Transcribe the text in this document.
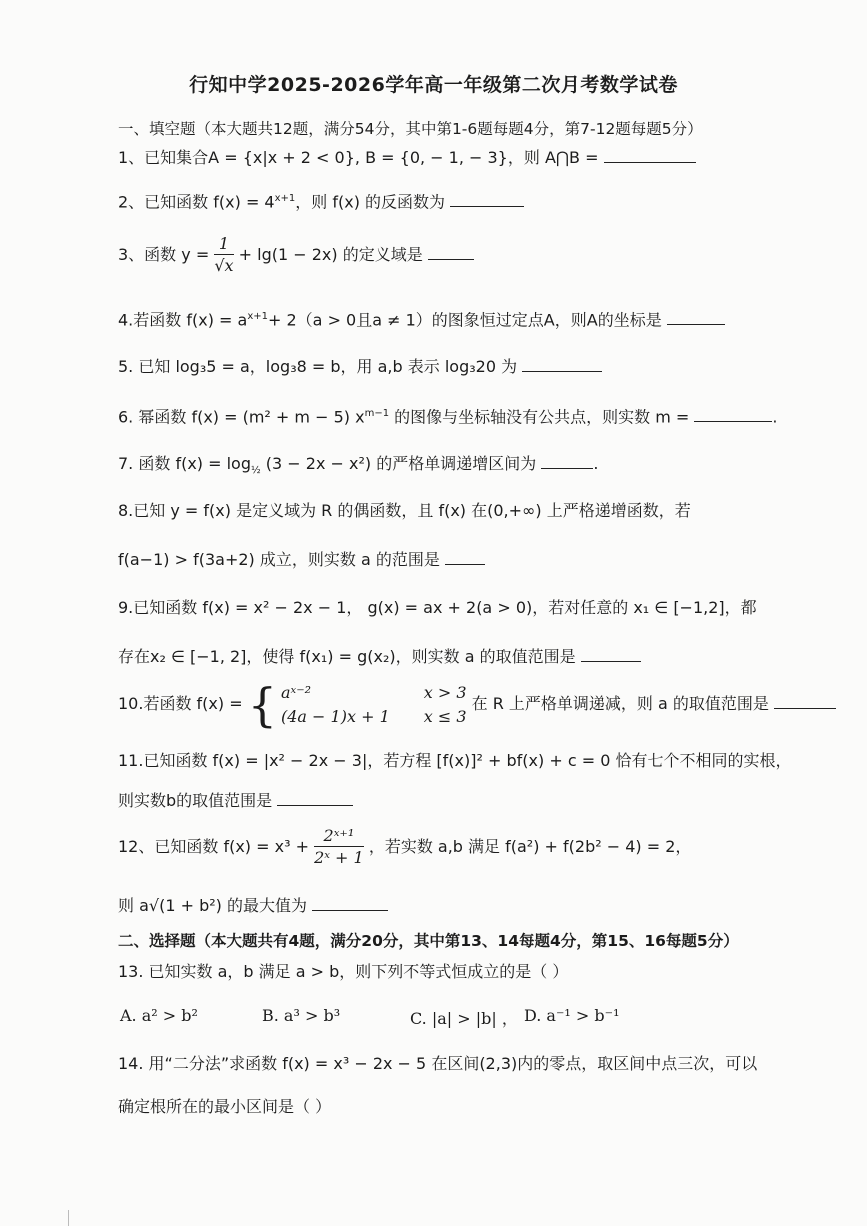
行知中学2025-2026学年高一年级第二次月考数学试卷
一、填空题（本大题共12题，满分54分，其中第1-6题每题4分，第7-12题每题5分）
1、已知集合A = {x|x + 2 < 0}, B = {0, − 1, − 3}，则 A⋂B =
2、已知函数 $f(x) = 4^{x+1}$，则 f(x) 的反函数为
3、函数 $y = \frac{1}{√x} + \lg(1 - 2x)$ 的定义域是
4.若函数 $f(x) = a^{x+1}+ 2(a > 0$且a ≠ 1）的图象恒过定点A，则A的坐标是
5. 已知 log₃5 = a，log₃8 = b，用 a,b 表示 log₃20 为
6. 幂函数 f(x) = (m² + m − 5) $x^{m-1}$ 的图像与坐标轴没有公共点，则实数 m =	.
7. 函数 $f(x) = \log_{\frac{1}{2}} (3 - 2x - x^2)$ 的严格单调递增区间为	.
8.已知 y = f(x) 是定义域为 R 的偶函数，且 f(x) 在(0,+∞) 上严格递增函数，若
f(a−1) > f(3a+2) 成立，则实数 a 的范围是
9.已知函数 f(x) = x² − 2x − 1， g(x) = ax + 2(a > 0)，若对任意的 x₁ ∈ [−1,2]，都
存在x₂ ∈ [−1, 2]，使得 f(x₁) = g(x₂)，则实数 a 的取值范围是
10.若函数 f(x) = { aˣ⁻²	x > 3
(4a − 1)x + 1 x ≤ 3
在 R 上严格单调递减，则 a 的取值范围是
11.已知函数 f(x) = |x² − 2x − 3|，若方程 [f(x)]² + bf(x) + c = 0 恰有七个不相同的实根，
则实数b的取值范围是
12、已知函数 $f(x) = x^3 + \frac{\text{2ˣ⁺¹}}{\text{2ˣ + 1}}$ ，若实数 a,b 满足 f(a²) + f(2b² − 4) = 2，
则 a√(1 + b²) 的最大值为
二、选择题（本大题共有4题，满分20分，其中第13、14每题4分，第15、16每题5分）
13. 已知实数 a，b 满足 a > b，则下列不等式恒成立的是（ ）
A. a² > b²	B. a³ > b³	C. |a| > |b| ， D. a⁻¹ > b⁻¹
14. 用“二分法”求函数 f(x) = x³ − 2x − 5 在区间(2,3)内的零点，取区间中点三次，可以
确定根所在的最小区间是（ ）
